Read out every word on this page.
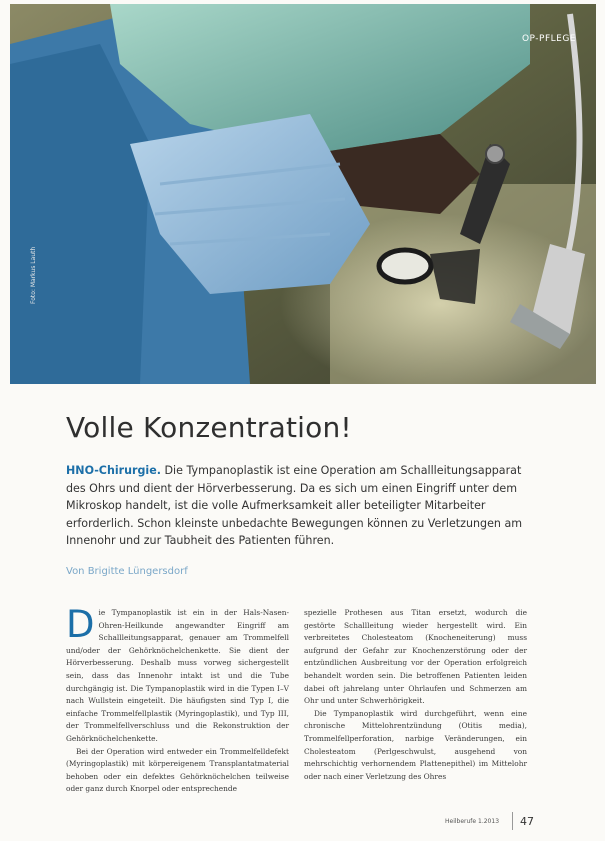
OP-PFLEGE
Foto: Markus Lauth
Volle Konzentration!

HNO-Chirurgie. Die Tympanoplastik ist eine Operation am Schallleitungsapparat des Ohrs und dient der Hörverbesserung. Da es sich um einen Eingriff unter dem Mikroskop handelt, ist die volle Aufmerksamkeit aller beteiligter Mitarbeiter erforderlich. Schon kleinste unbedachte Bewegungen können zu Verletzungen am Innenohr und zur Taubheit des Patienten führen.

Von Brigitte Lüngersdorf

Die Tympanoplastik ist ein in der Hals-Nasen-Ohren-Heilkunde angewandter Eingriff am Schallleitungsapparat, genauer am Trommelfell und/oder der Gehörknöchelchenkette. Sie dient der Hörverbesserung. Deshalb muss vorweg sichergestellt sein, dass das Innenohr intakt ist und die Tube durchgängig ist. Die Tympanoplastik wird in die Typen I–V nach Wullstein eingeteilt. Die häufigsten sind Typ I, die einfache Trommelfellplastik (Myringoplastik), und Typ III, der Trommelfellverschluss und die Rekonstruktion der Gehörknöchelchenkette.

Bei der Operation wird entweder ein Trommelfelldefekt (Myringoplastik) mit körpereigenem Transplantatmaterial behoben oder ein defektes Gehörknöchelchen teilweise oder ganz durch Knorpel oder entsprechende

spezielle Prothesen aus Titan ersetzt, wodurch die gestörte Schallleitung wieder hergestellt wird. Ein verbreitetes Cholesteatom (Knocheneiterung) muss aufgrund der Gefahr zur Knochenzerstörung oder der entzündlichen Ausbreitung vor der Operation erfolgreich behandelt worden sein. Die betroffenen Patienten leiden dabei oft jahrelang unter Ohrlaufen und Schmerzen am Ohr und unter Schwerhörigkeit.

Die Tympanoplastik wird durchgeführt, wenn eine chronische Mittelohrentzündung (Otitis media), Trommelfellperforation, narbige Veränderungen, ein Cholesteatom (Perlgeschwulst, ausgehend von mehrschichtig verhornendem Plattenepithel) im Mittelohr oder nach einer Verletzung des Ohres

Heilberufe 1.2013 47
